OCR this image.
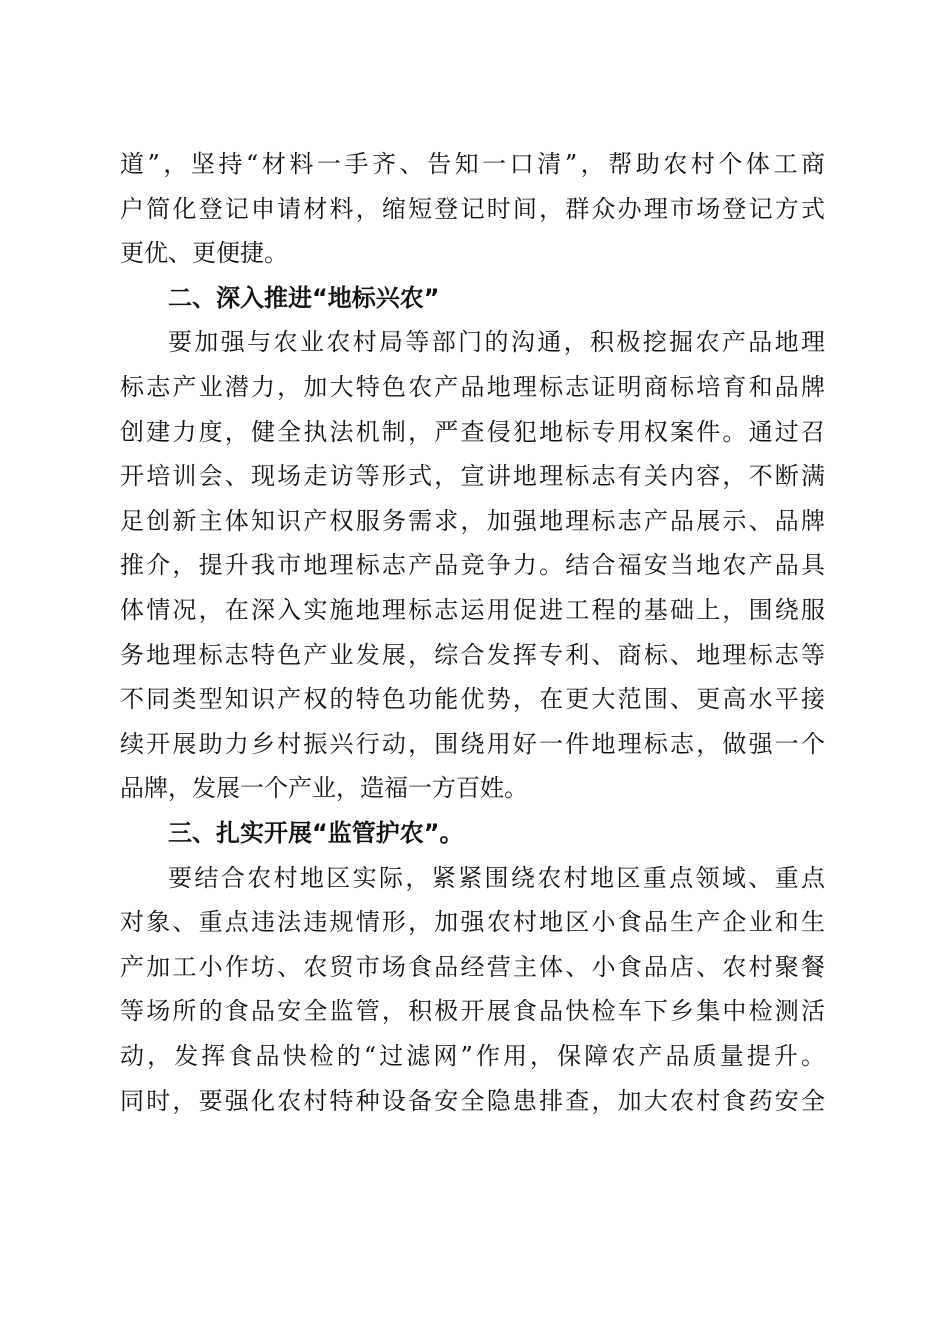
道”，坚持“材料一手齐、告知一口清”，帮助农村个体工商
户简化登记申请材料，缩短登记时间，群众办理市场登记方式
更优、更便捷。
二、深入推进“地标兴农”
要加强与农业农村局等部门的沟通，积极挖掘农产品地理
标志产业潜力，加大特色农产品地理标志证明商标培育和品牌
创建力度，健全执法机制，严查侵犯地标专用权案件。通过召
开培训会、现场走访等形式，宣讲地理标志有关内容，不断满
足创新主体知识产权服务需求，加强地理标志产品展示、品牌
推介，提升我市地理标志产品竞争力。结合福安当地农产品具
体情况，在深入实施地理标志运用促进工程的基础上，围绕服
务地理标志特色产业发展，综合发挥专利、商标、地理标志等
不同类型知识产权的特色功能优势，在更大范围、更高水平接
续开展助力乡村振兴行动，围绕用好一件地理标志，做强一个
品牌，发展一个产业，造福一方百姓。
三、扎实开展“监管护农”。
要结合农村地区实际，紧紧围绕农村地区重点领域、重点
对象、重点违法违规情形，加强农村地区小食品生产企业和生
产加工小作坊、农贸市场食品经营主体、小食品店、农村聚餐
等场所的食品安全监管，积极开展食品快检车下乡集中检测活
动，发挥食品快检的“过滤网”作用，保障农产品质量提升。
同时，要强化农村特种设备安全隐患排查，加大农村食药安全
